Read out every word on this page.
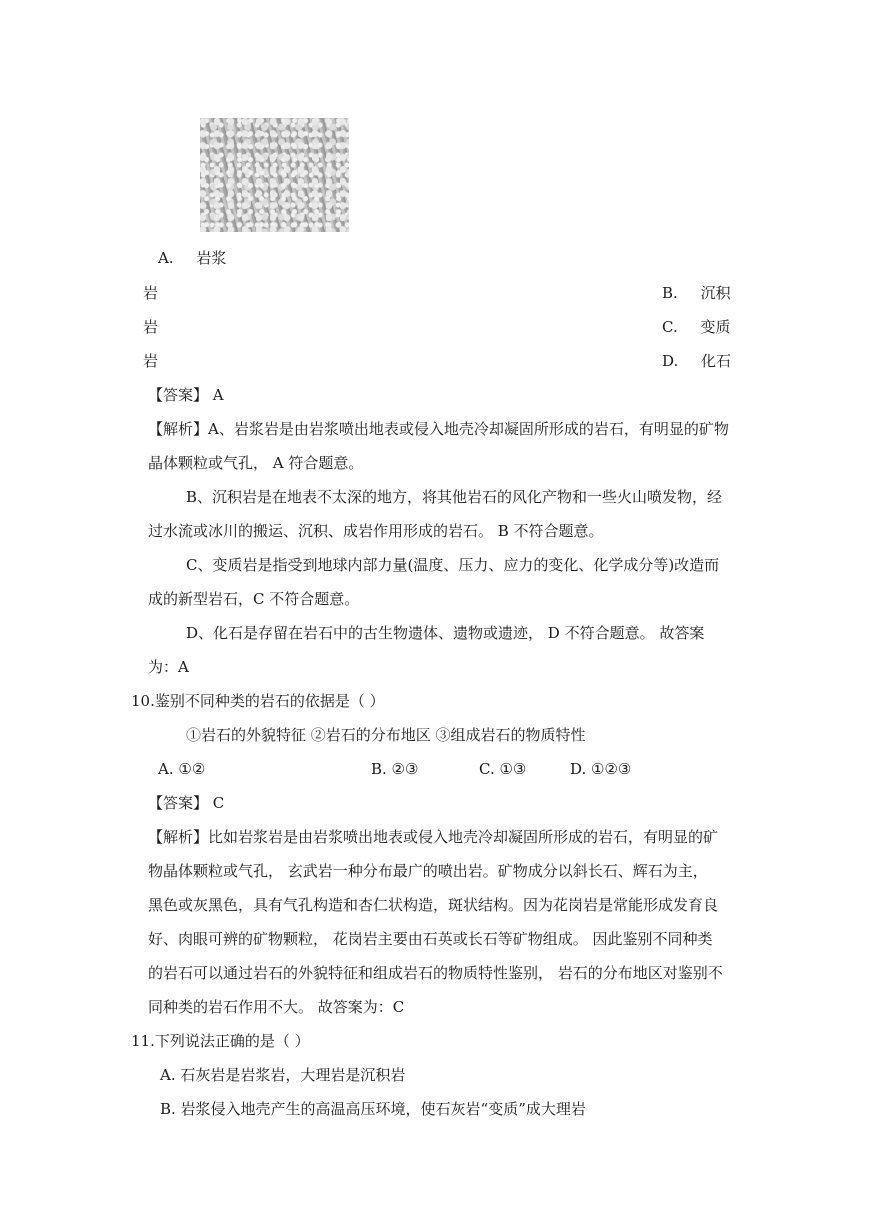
A. 岩浆
岩	B. 沉积
岩	C. 变质
岩	D. 化石
【答案】 A
【解析】A、岩浆岩是由岩浆喷出地表或侵入地壳冷却凝固所形成的岩石，有明显的矿物
晶体颗粒或气孔， A 符合题意。
B、沉积岩是在地表不太深的地方，将其他岩石的风化产物和一些火山喷发物，经
过水流或冰川的搬运、沉积、成岩作用形成的岩石。 B 不符合题意。
C、变质岩是指受到地球内部力量(温度、压力、应力的变化、化学成分等)改造而
成的新型岩石，C 不符合题意。
D、化石是存留在岩石中的古生物遗体、遗物或遗迹， D 不符合题意。 故答案
为：A
10.鉴别不同种类的岩石的依据是（ ）
①岩石的外貌特征 ②岩石的分布地区 ③组成岩石的物质特性
A. ①②	B. ②③	C. ①③	D. ①②③
【答案】 C
【解析】比如岩浆岩是由岩浆喷出地表或侵入地壳冷却凝固所形成的岩石，有明显的矿
物晶体颗粒或气孔， 玄武岩一种分布最广的喷出岩。矿物成分以斜长石、辉石为主，
黑色或灰黑色，具有气孔构造和杏仁状构造，斑状结构。因为花岗岩是常能形成发育良
好、肉眼可辨的矿物颗粒， 花岗岩主要由石英或长石等矿物组成。 因此鉴别不同种类
的岩石可以通过岩石的外貌特征和组成岩石的物质特性鉴别， 岩石的分布地区对鉴别不
同种类的岩石作用不大。 故答案为：C
11.下列说法正确的是（ ）
A. 石灰岩是岩浆岩，大理岩是沉积岩
B. 岩浆侵入地壳产生的高温高压环境，使石灰岩“变质”成大理岩
